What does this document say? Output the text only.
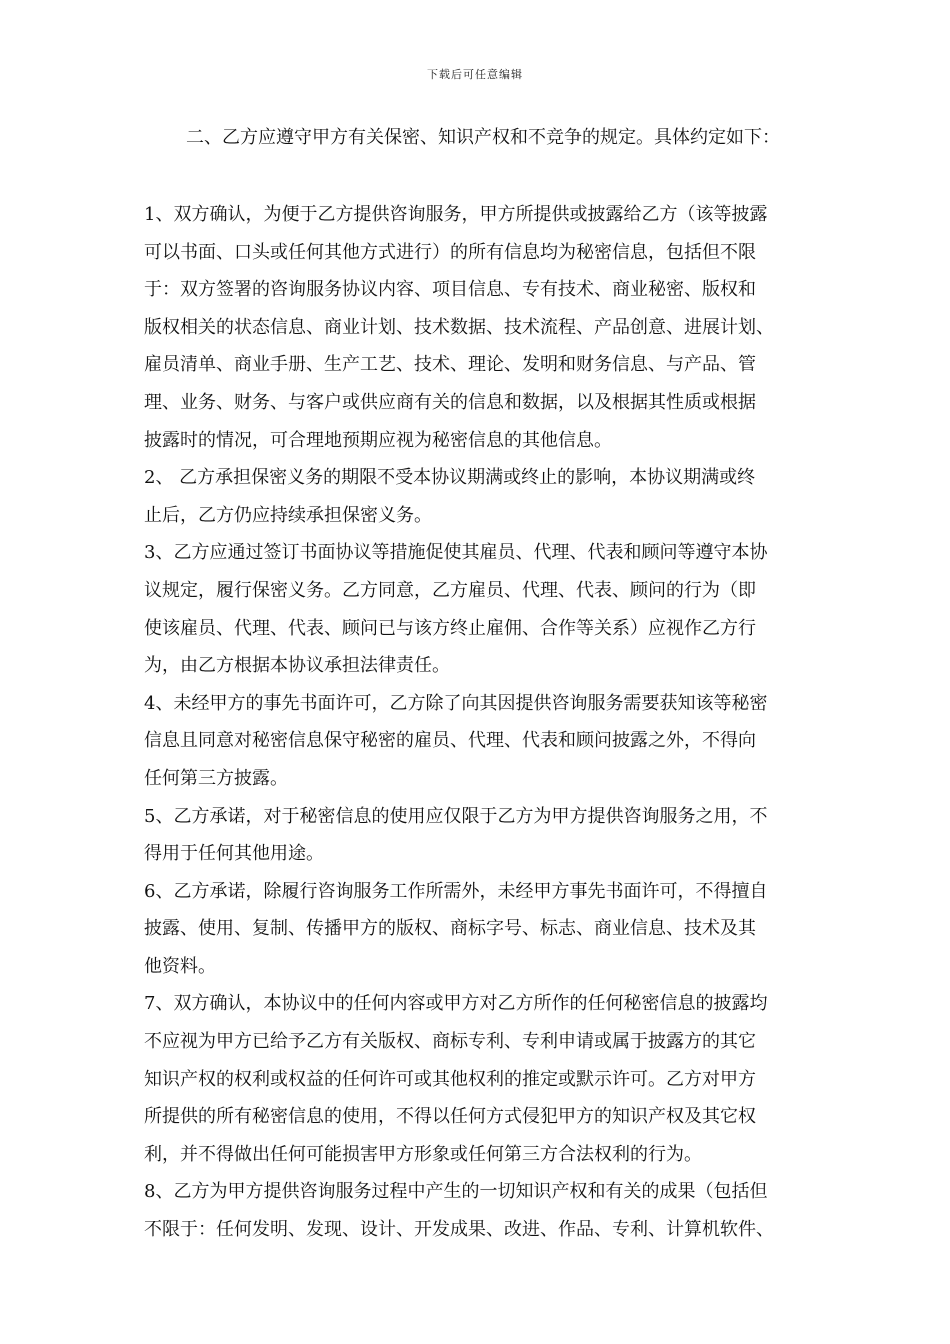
下载后可任意编辑
二、乙方应遵守甲方有关保密、知识产权和不竞争的规定。具体约定如下：
1、双方确认，为便于乙方提供咨询服务，甲方所提供或披露给乙方（该等披露
可以书面、口头或任何其他方式进行）的所有信息均为秘密信息，包括但不限
于：双方签署的咨询服务协议内容、项目信息、专有技术、商业秘密、版权和
版权相关的状态信息、商业计划、技术数据、技术流程、产品创意、进展计划、
雇员清单、商业手册、生产工艺、技术、理论、发明和财务信息、与产品、管
理、业务、财务、与客户或供应商有关的信息和数据，以及根据其性质或根据
披露时的情况，可合理地预期应视为秘密信息的其他信息。
2、 乙方承担保密义务的期限不受本协议期满或终止的影响，本协议期满或终
止后，乙方仍应持续承担保密义务。
3、乙方应通过签订书面协议等措施促使其雇员、代理、代表和顾问等遵守本协
议规定，履行保密义务。乙方同意，乙方雇员、代理、代表、顾问的行为（即
使该雇员、代理、代表、顾问已与该方终止雇佣、合作等关系）应视作乙方行
为，由乙方根据本协议承担法律责任。
4、未经甲方的事先书面许可，乙方除了向其因提供咨询服务需要获知该等秘密
信息且同意对秘密信息保守秘密的雇员、代理、代表和顾问披露之外，不得向
任何第三方披露。
5、乙方承诺，对于秘密信息的使用应仅限于乙方为甲方提供咨询服务之用，不
得用于任何其他用途。
6、乙方承诺，除履行咨询服务工作所需外，未经甲方事先书面许可，不得擅自
披露、使用、复制、传播甲方的版权、商标字号、标志、商业信息、技术及其
他资料。
7、双方确认，本协议中的任何内容或甲方对乙方所作的任何秘密信息的披露均
不应视为甲方已给予乙方有关版权、商标专利、专利申请或属于披露方的其它
知识产权的权利或权益的任何许可或其他权利的推定或默示许可。乙方对甲方
所提供的所有秘密信息的使用，不得以任何方式侵犯甲方的知识产权及其它权
利，并不得做出任何可能损害甲方形象或任何第三方合法权利的行为。
8、乙方为甲方提供咨询服务过程中产生的一切知识产权和有关的成果（包括但
不限于：任何发明、发现、设计、开发成果、改进、作品、专利、计算机软件、
